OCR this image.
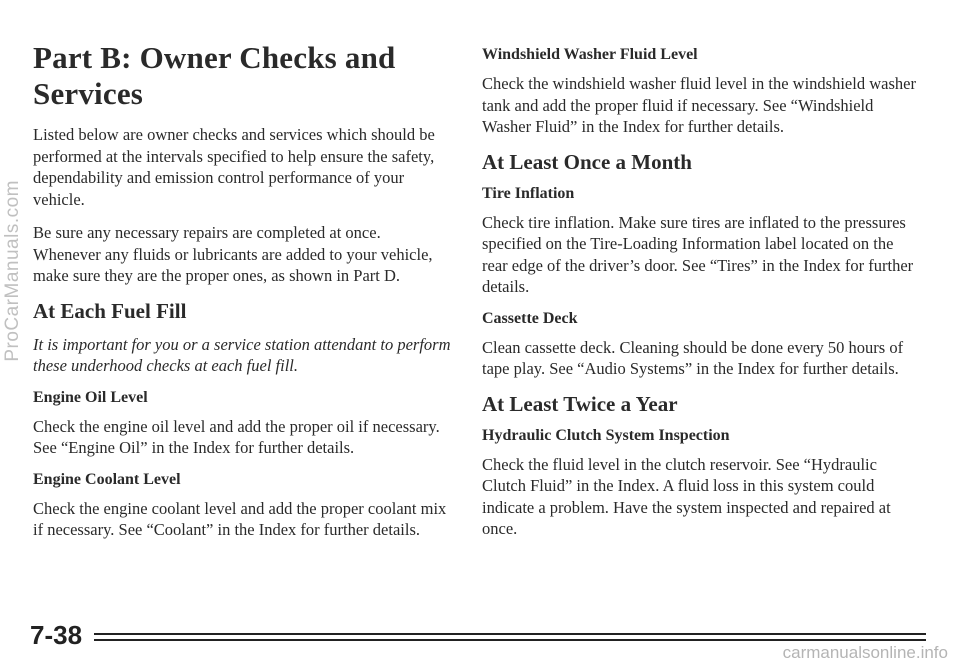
Part B: Owner Checks and Services

Listed below are owner checks and services which should be performed at the intervals specified to help ensure the safety, dependability and emission control performance of your vehicle.

Be sure any necessary repairs are completed at once. Whenever any fluids or lubricants are added to your vehicle, make sure they are the proper ones, as shown in Part D.

At Each Fuel Fill

It is important for you or a service station attendant to perform these underhood checks at each fuel fill.

Engine Oil Level

Check the engine oil level and add the proper oil if necessary. See “Engine Oil” in the Index for further details.

Engine Coolant Level

Check the engine coolant level and add the proper coolant mix if necessary. See “Coolant” in the Index for further details.

Windshield Washer Fluid Level

Check the windshield washer fluid level in the windshield washer tank and add the proper fluid if necessary. See “Windshield Washer Fluid” in the Index for further details.

At Least Once a Month
Tire Inflation

Check tire inflation. Make sure tires are inflated to the pressures specified on the Tire-Loading Information label located on the rear edge of the driver’s door. See “Tires” in the Index for further details.

Cassette Deck

Clean cassette deck. Cleaning should be done every 50 hours of tape play. See “Audio Systems” in the Index for further details.

At Least Twice a Year
Hydraulic Clutch System Inspection

Check the fluid level in the clutch reservoir. See “Hydraulic Clutch Fluid” in the Index. A fluid loss in this system could indicate a problem. Have the system inspected and repaired at once.

7-38
ProCarManuals.com
carmanualsonline.info
